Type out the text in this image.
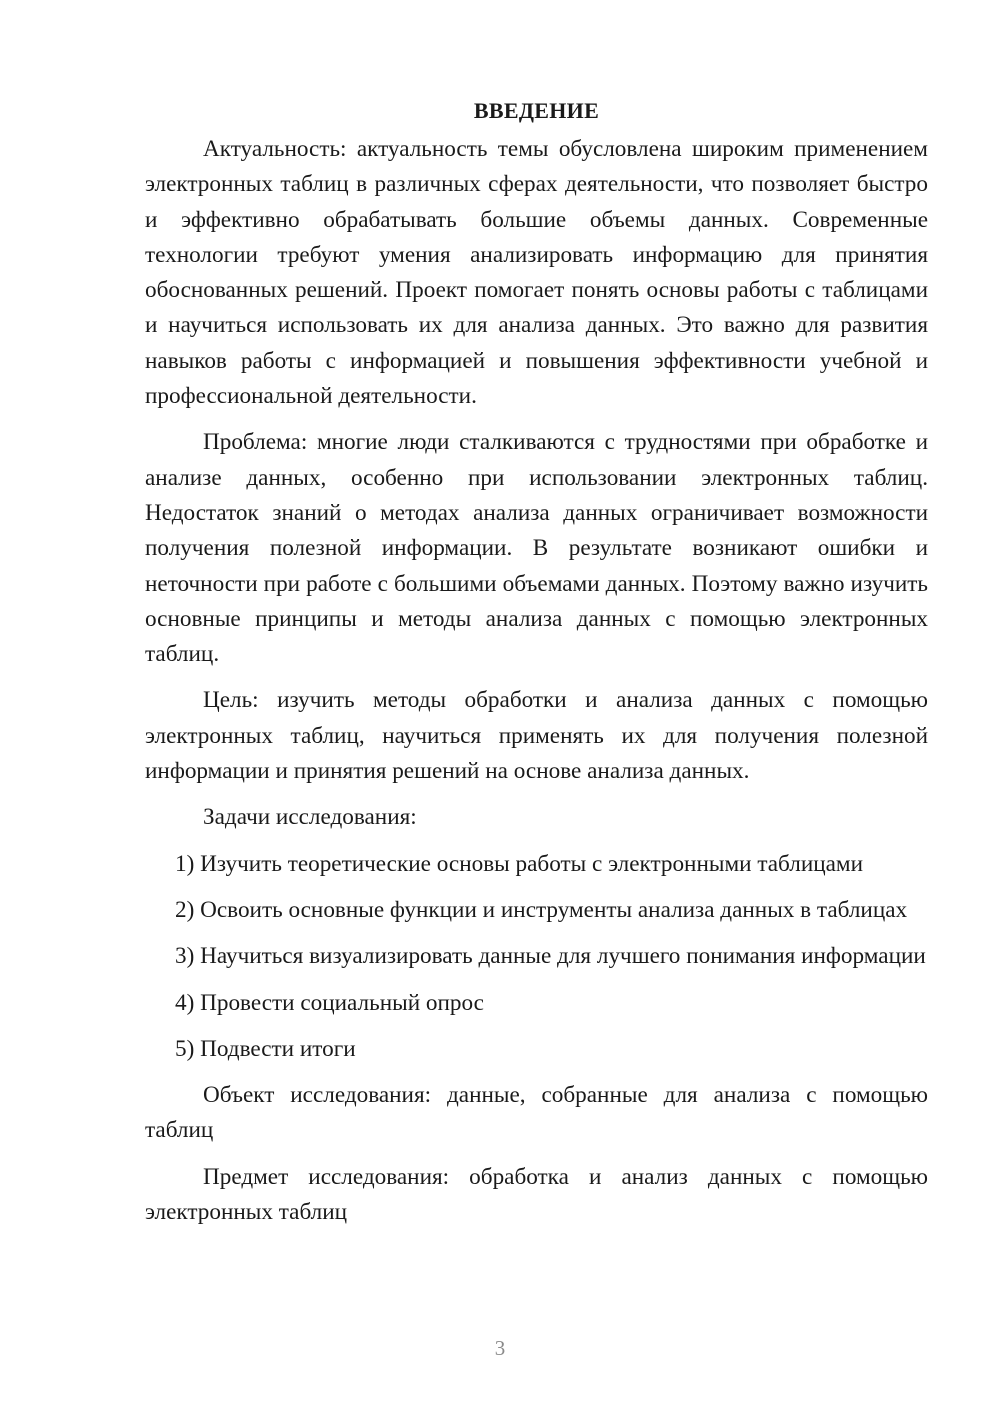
ВВЕДЕНИЕ

Актуальность: актуальность темы обусловлена широким применением электронных таблиц в различных сферах деятельности, что позволяет быстро и эффективно обрабатывать большие объемы данных. Современные технологии требуют умения анализировать информацию для принятия обоснованных решений. Проект помогает понять основы работы с таблицами и научиться использовать их для анализа данных. Это важно для развития навыков работы с информацией и повышения эффективности учебной и профессиональной деятельности.

Проблема: многие люди сталкиваются с трудностями при обработке и анализе данных, особенно при использовании электронных таблиц. Недостаток знаний о методах анализа данных ограничивает возможности получения полезной информации. В результате возникают ошибки и неточности при работе с большими объемами данных. Поэтому важно изучить основные принципы и методы анализа данных с помощью электронных таблиц.

Цель: изучить методы обработки и анализа данных с помощью электронных таблиц, научиться применять их для получения полезной информации и принятия решений на основе анализа данных.

Задачи исследования:

1) Изучить теоретические основы работы с электронными таблицами

2) Освоить основные функции и инструменты анализа данных в таблицах

3) Научиться визуализировать данные для лучшего понимания информации

4) Провести социальный опрос

5) Подвести итоги

Объект исследования: данные, собранные для анализа с помощью таблиц

Предмет исследования: обработка и анализ данных с помощью электронных таблиц

3
